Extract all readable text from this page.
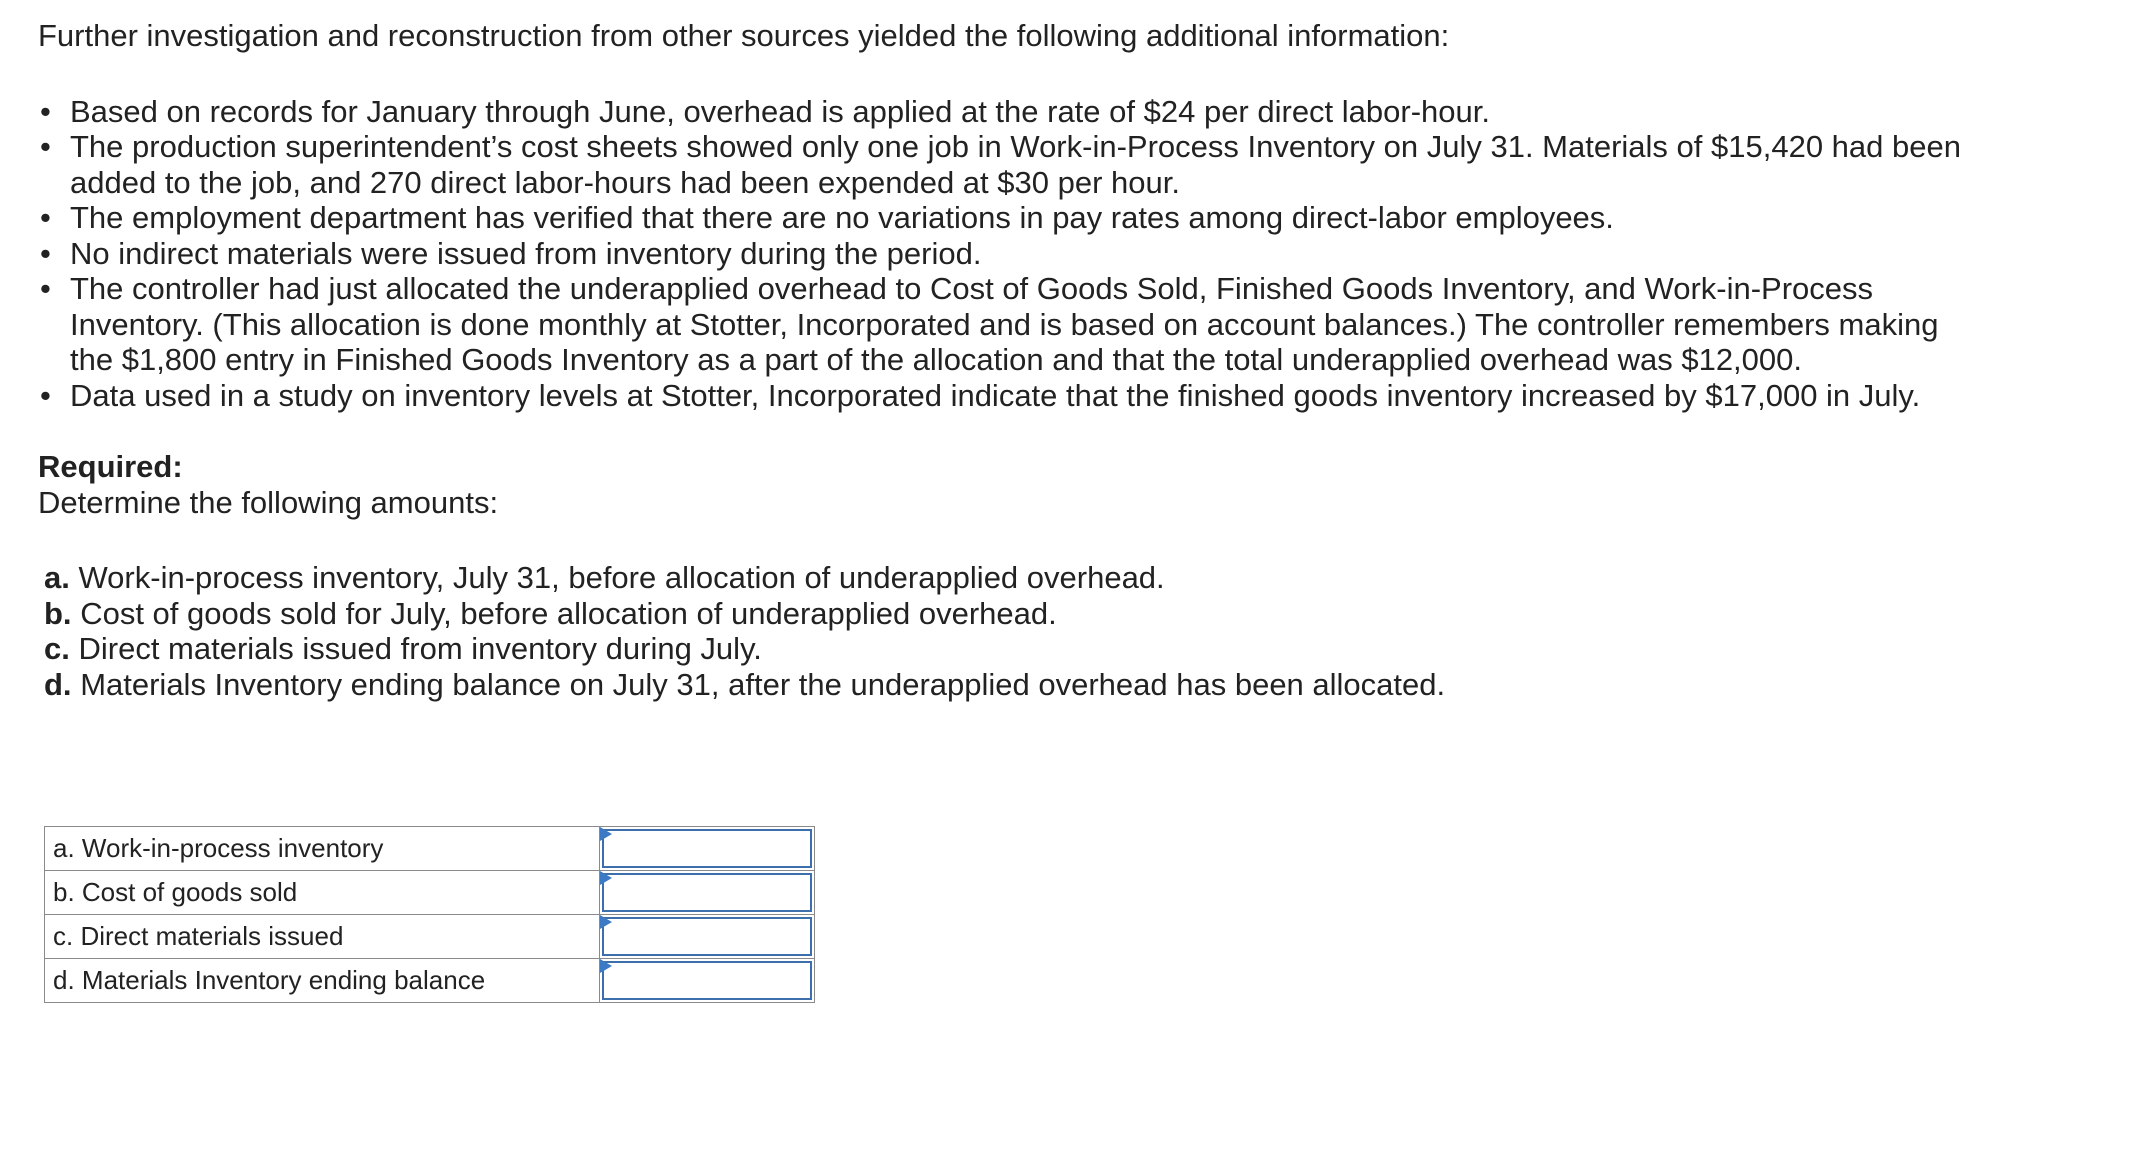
Further investigation and reconstruction from other sources yielded the following additional information:

• Based on records for January through June, overhead is applied at the rate of $24 per direct labor-hour.
• The production superintendent’s cost sheets showed only one job in Work-in-Process Inventory on July 31. Materials of $15,420 had been added to the job, and 270 direct labor-hours had been expended at $30 per hour.
• The employment department has verified that there are no variations in pay rates among direct-labor employees.
• No indirect materials were issued from inventory during the period.
• The controller had just allocated the underapplied overhead to Cost of Goods Sold, Finished Goods Inventory, and Work-in-Process Inventory. (This allocation is done monthly at Stotter, Incorporated and is based on account balances.) The controller remembers making the $1,800 entry in Finished Goods Inventory as a part of the allocation and that the total underapplied overhead was $12,000.
• Data used in a study on inventory levels at Stotter, Incorporated indicate that the finished goods inventory increased by $17,000 in July.

Required:

Determine the following amounts:

a. Work-in-process inventory, July 31, before allocation of underapplied overhead.
b. Cost of goods sold for July, before allocation of underapplied overhead.
c. Direct materials issued from inventory during July.
d. Materials Inventory ending balance on July 31, after the underapplied overhead has been allocated.
a. Work-in-process inventory	

b. Cost of goods sold	

c. Direct materials issued	

d. Materials Inventory ending balance	
